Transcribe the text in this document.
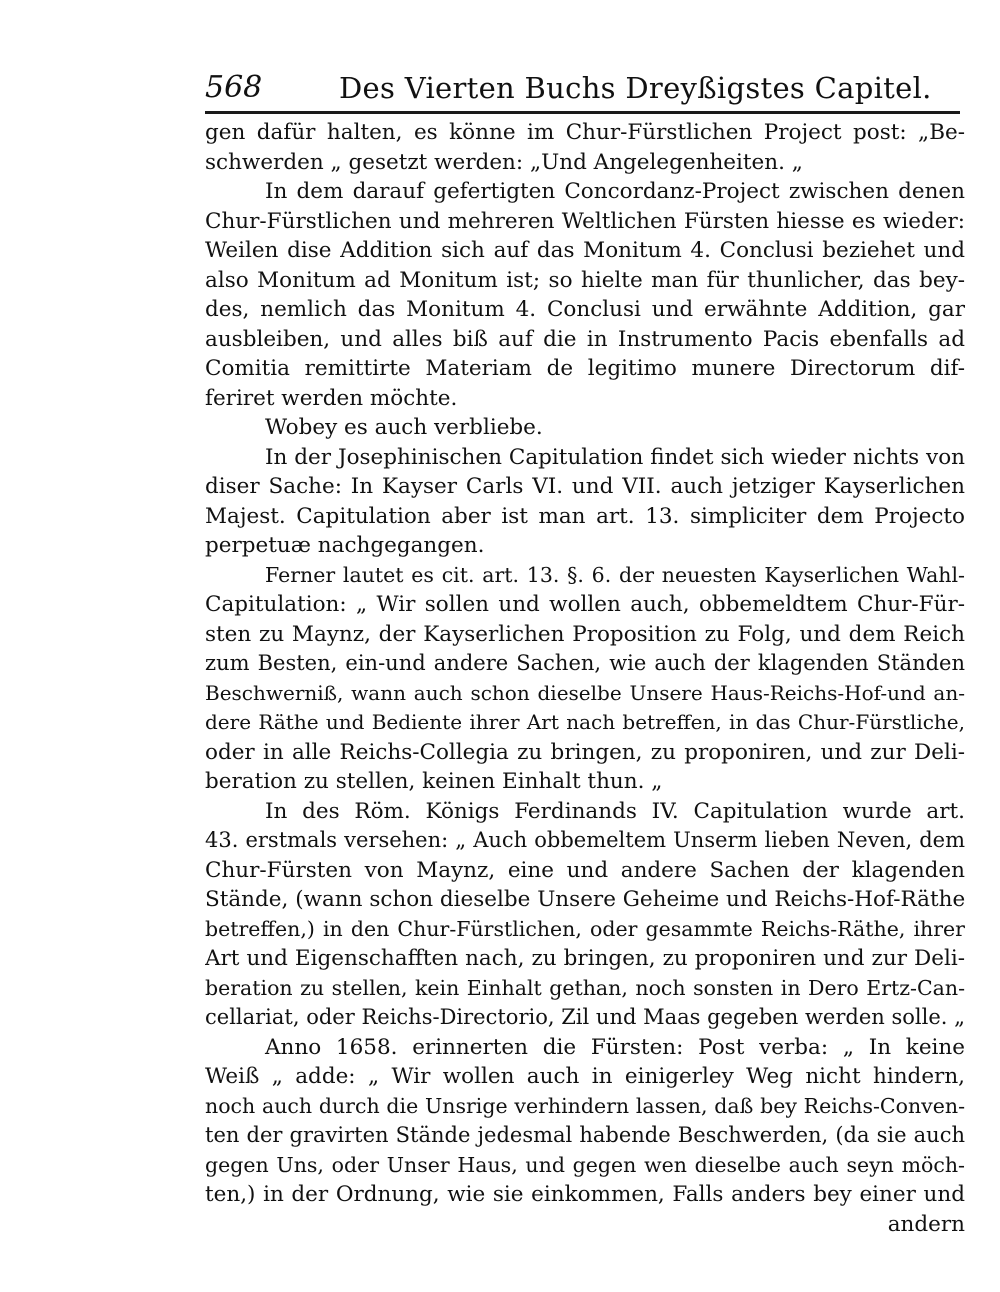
568	Des Vierten Buchs Dreyßigstes Capitel.
gen dafür halten, es könne im Chur-Fürstlichen Project post: „Be-
schwerden „ gesetzt werden: „Und Angelegenheiten. „
In dem darauf gefertigten Concordanz-Project zwischen denen
Chur-Fürstlichen und mehreren Weltlichen Fürsten hiesse es wieder:
Weilen dise Addition sich auf das Monitum 4. Conclusi beziehet und
also Monitum ad Monitum ist; so hielte man für thunlicher, das bey-
des, nemlich das Monitum 4. Conclusi und erwähnte Addition, gar
ausbleiben, und alles biß auf die in Instrumento Pacis ebenfalls ad
Comitia remittirte Materiam de legitimo munere Directorum dif-
feriret werden möchte.
Wobey es auch verbliebe.
In der Josephinischen Capitulation findet sich wieder nichts von
diser Sache: In Kayser Carls VI. und VII. auch jetziger Kayserlichen
Majest. Capitulation aber ist man art. 13. simpliciter dem Projecto
perpetuæ nachgegangen.
Ferner lautet es cit. art. 13. §. 6. der neuesten Kayserlichen Wahl-
Capitulation: „ Wir sollen und wollen auch, obbemeldtem Chur-Für-
sten zu Maynz, der Kayserlichen Proposition zu Folg, und dem Reich
zum Besten, ein-und andere Sachen, wie auch der klagenden Ständen
Beschwerniß, wann auch schon dieselbe Unsere Haus-Reichs-Hof-und an-
dere Räthe und Bediente ihrer Art nach betreffen, in das Chur-Fürstliche,
oder in alle Reichs-Collegia zu bringen, zu proponiren, und zur Deli-
beration zu stellen, keinen Einhalt thun. „
In des Röm. Königs Ferdinands IV. Capitulation wurde art.
43. erstmals versehen: „ Auch obbemeltem Unserm lieben Neven, dem
Chur-Fürsten von Maynz, eine und andere Sachen der klagenden
Stände, (wann schon dieselbe Unsere Geheime und Reichs-Hof-Räthe
betreffen,) in den Chur-Fürstlichen, oder gesammte Reichs-Räthe, ihrer
Art und Eigenschafften nach, zu bringen, zu proponiren und zur Deli-
beration zu stellen, kein Einhalt gethan, noch sonsten in Dero Ertz-Can-
cellariat, oder Reichs-Directorio, Zil und Maas gegeben werden solle. „
Anno 1658. erinnerten die Fürsten: Post verba: „ In keine
Weiß „ adde: „ Wir wollen auch in einigerley Weg nicht hindern,
noch auch durch die Unsrige verhindern lassen, daß bey Reichs-Conven-
ten der gravirten Stände jedesmal habende Beschwerden, (da sie auch
gegen Uns, oder Unser Haus, und gegen wen dieselbe auch seyn möch-
ten,) in der Ordnung, wie sie einkommen, Falls anders bey einer und
andern
